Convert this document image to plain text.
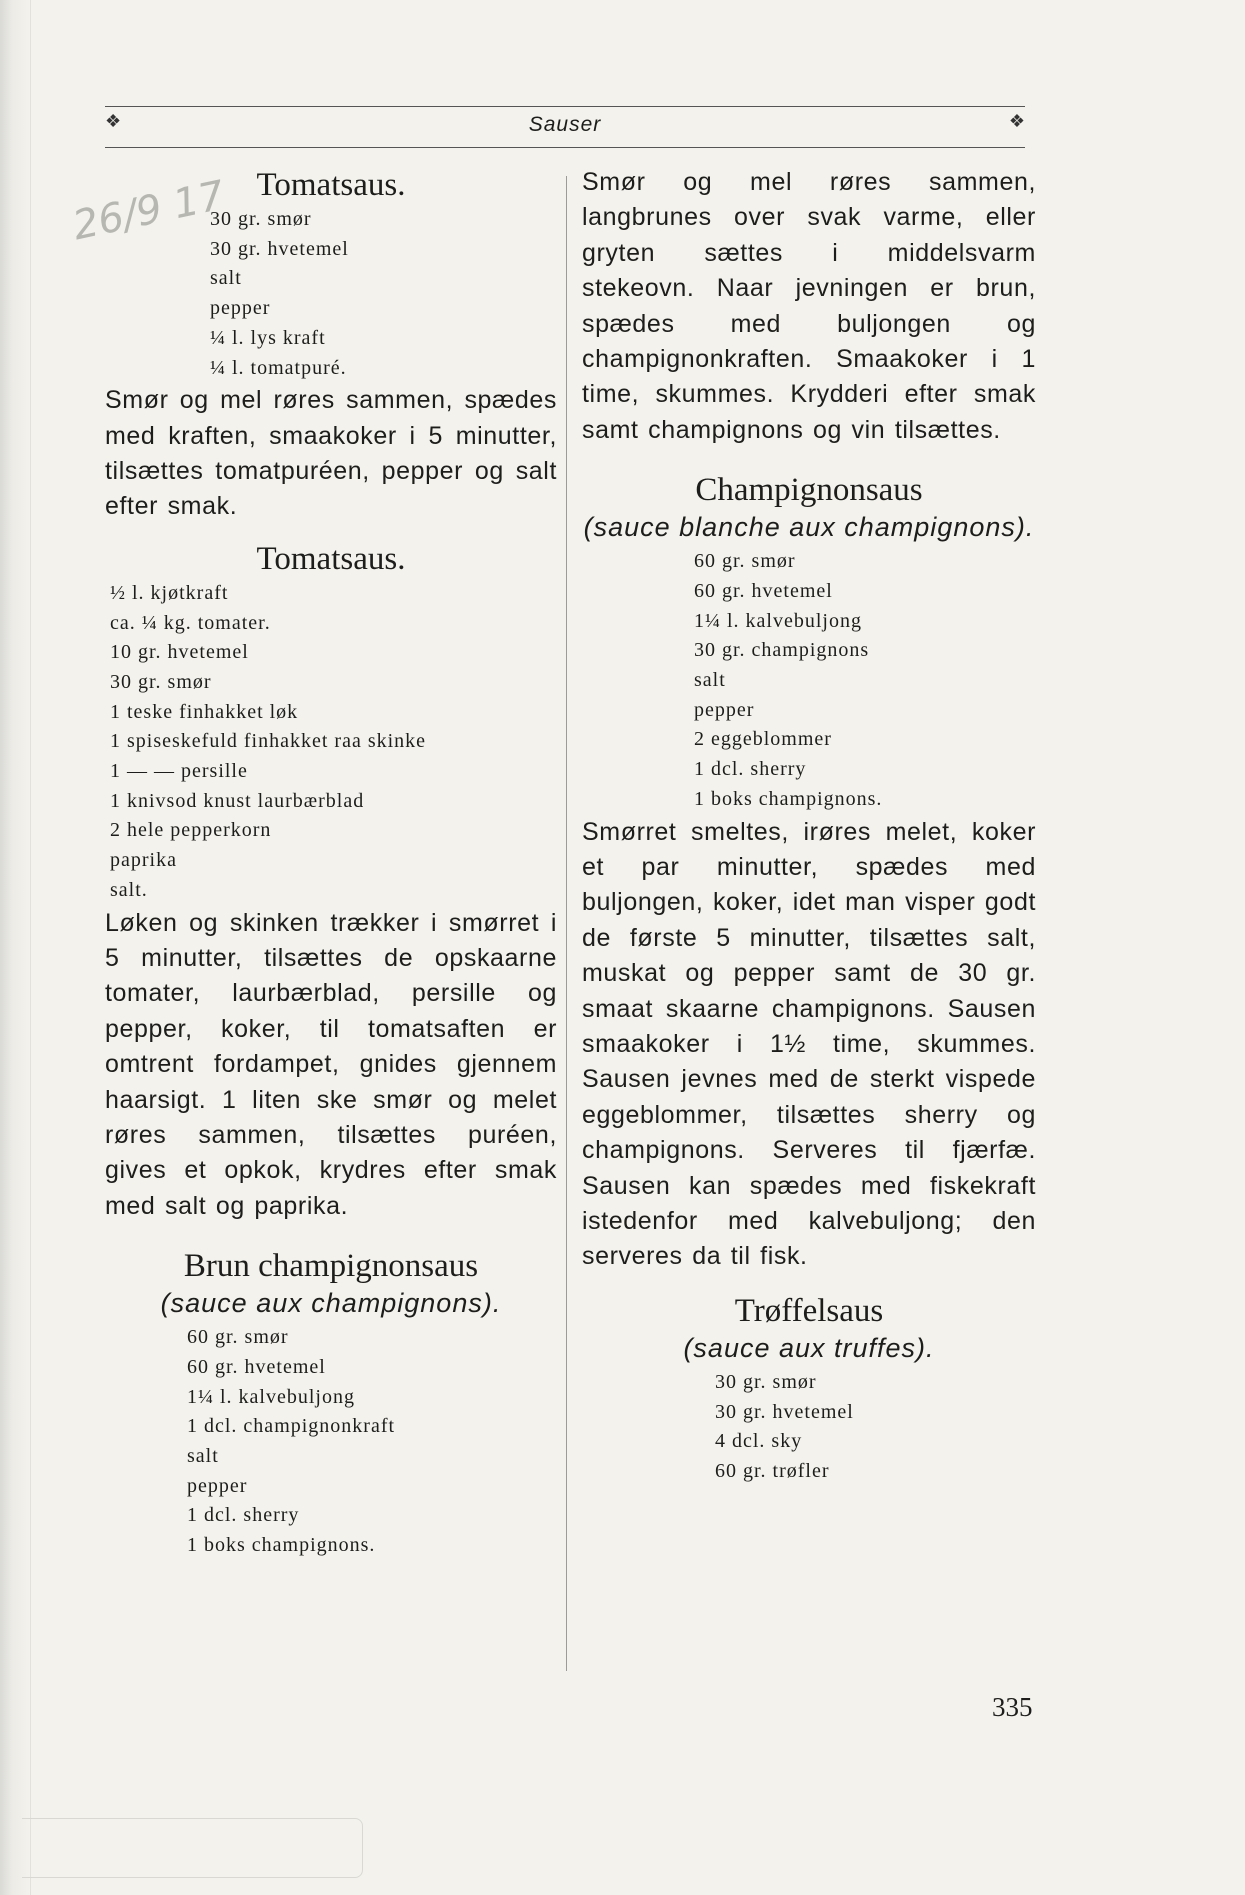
❖	Sauser	❖
26/9 17 Tomatsaus.
30 gr. smør
30 gr. hvetemel
salt
pepper
¼ l. lys kraft
¼ l. tomatpuré.

Smør og mel røres sammen, spædes med kraften, smaakoker i 5 minutter, tilsættes tomatpuréen, pepper og salt efter smak.

Tomatsaus.
½ l. kjøtkraft
ca. ¼ kg. tomater.
10 gr. hvetemel
30 gr. smør
1 teske finhakket løk
1 spiseskefuld finhakket raa skinke
1 — — persille
1 knivsod knust laurbærblad
2 hele pepperkorn
paprika
salt.

Løken og skinken trækker i smørret i 5 minutter, tilsættes de opskaarne tomater, laurbærblad, persille og pepper, koker, til tomatsaften er omtrent fordampet, gnides gjennem haarsigt. 1 liten ske smør og melet røres sammen, tilsættes puréen, gives et opkok, krydres efter smak med salt og paprika.

Brun champignonsaus
(sauce aux champignons).
60 gr. smør
60 gr. hvetemel
1¼ l. kalvebuljong
1 dcl. champignonkraft
salt
pepper
1 dcl. sherry
1 boks champignons.

Smør og mel røres sammen, langbrunes over svak varme, eller gryten sættes i middelsvarm stekeovn. Naar jevningen er brun, spædes med buljongen og champignonkraften. Smaakoker i 1 time, skummes. Krydderi efter smak samt champignons og vin tilsættes.

Champignonsaus
(sauce blanche aux champignons).
60 gr. smør
60 gr. hvetemel
1¼ l. kalvebuljong
30 gr. champignons
salt
pepper
2 eggeblommer
1 dcl. sherry
1 boks champignons.

Smørret smeltes, irøres melet, koker et par minutter, spædes med buljongen, koker, idet man visper godt de første 5 minutter, tilsættes salt, muskat og pepper samt de 30 gr. smaat skaarne champignons. Sausen smaakoker i 1½ time, skummes. Sausen jevnes med de sterkt vispede eggeblommer, tilsættes sherry og champignons. Serveres til fjærfæ. Sausen kan spædes med fiskekraft istedenfor med kalvebuljong; den serveres da til fisk.

Trøffelsaus
(sauce aux truffes).
30 gr. smør
30 gr. hvetemel
4 dcl. sky
60 gr. trøfler
335
